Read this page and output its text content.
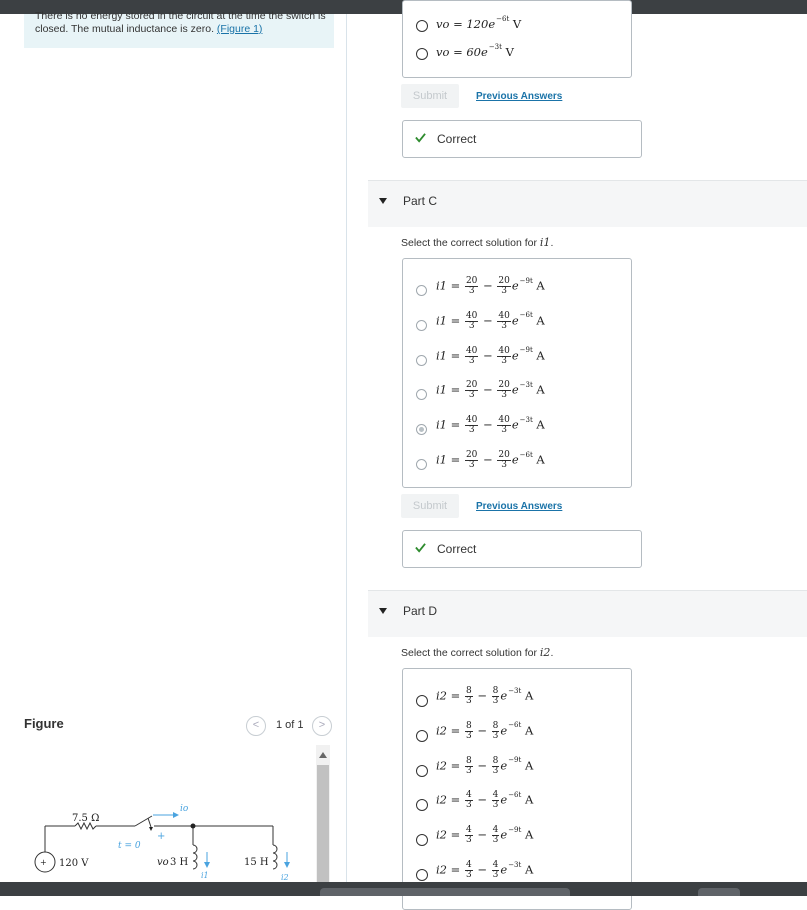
There is no energy stored in the circuit at the time the switch is closed. The mutual inductance is zero. (Figure 1)

Figure	<	1 of 1	>
7.5 Ω
+ 120 V
t = 0
io
+
vo 3 H	15 H
i1	i2
vo = $120e^{-6t}$ V
vo = $60e^{-3t}$ V
Submit	Previous Answers
Correct
Part C
Select the correct solution for i1.
$i1 = \frac{20}{3} - \frac{20}{3} e^{-9t}$ A
$i1 = \frac{40}{3} - \frac{40}{3} e^{-6t}$ A
$i1 = \frac{40}{3} - \frac{40}{3} e^{-9t}$ A
$i1 = \frac{20}{3} - \frac{20}{3} e^{-3t}$ A
$i1 = \frac{40}{3} - \frac{40}{3} e^{-3t}$ A
$i1 = \frac{20}{3} - \frac{20}{3} e^{-6t}$ A
Submit	Previous Answers
Correct
Part D
Select the correct solution for i2.
$i2 = \frac{8}{3} - \frac{8}{3} e^{-3t}$ A
$i2 = \frac{8}{3} - \frac{8}{3} e^{-6t}$ A
$i2 = \frac{8}{3} - \frac{8}{3} e^{-9t}$ A
$i2 = \frac{4}{3} - \frac{4}{3} e^{-6t}$ A
$i2 = \frac{4}{3} - \frac{4}{3} e^{-9t}$ A
$i2 = \frac{4}{3} - \frac{4}{3} e^{-3t}$ A
